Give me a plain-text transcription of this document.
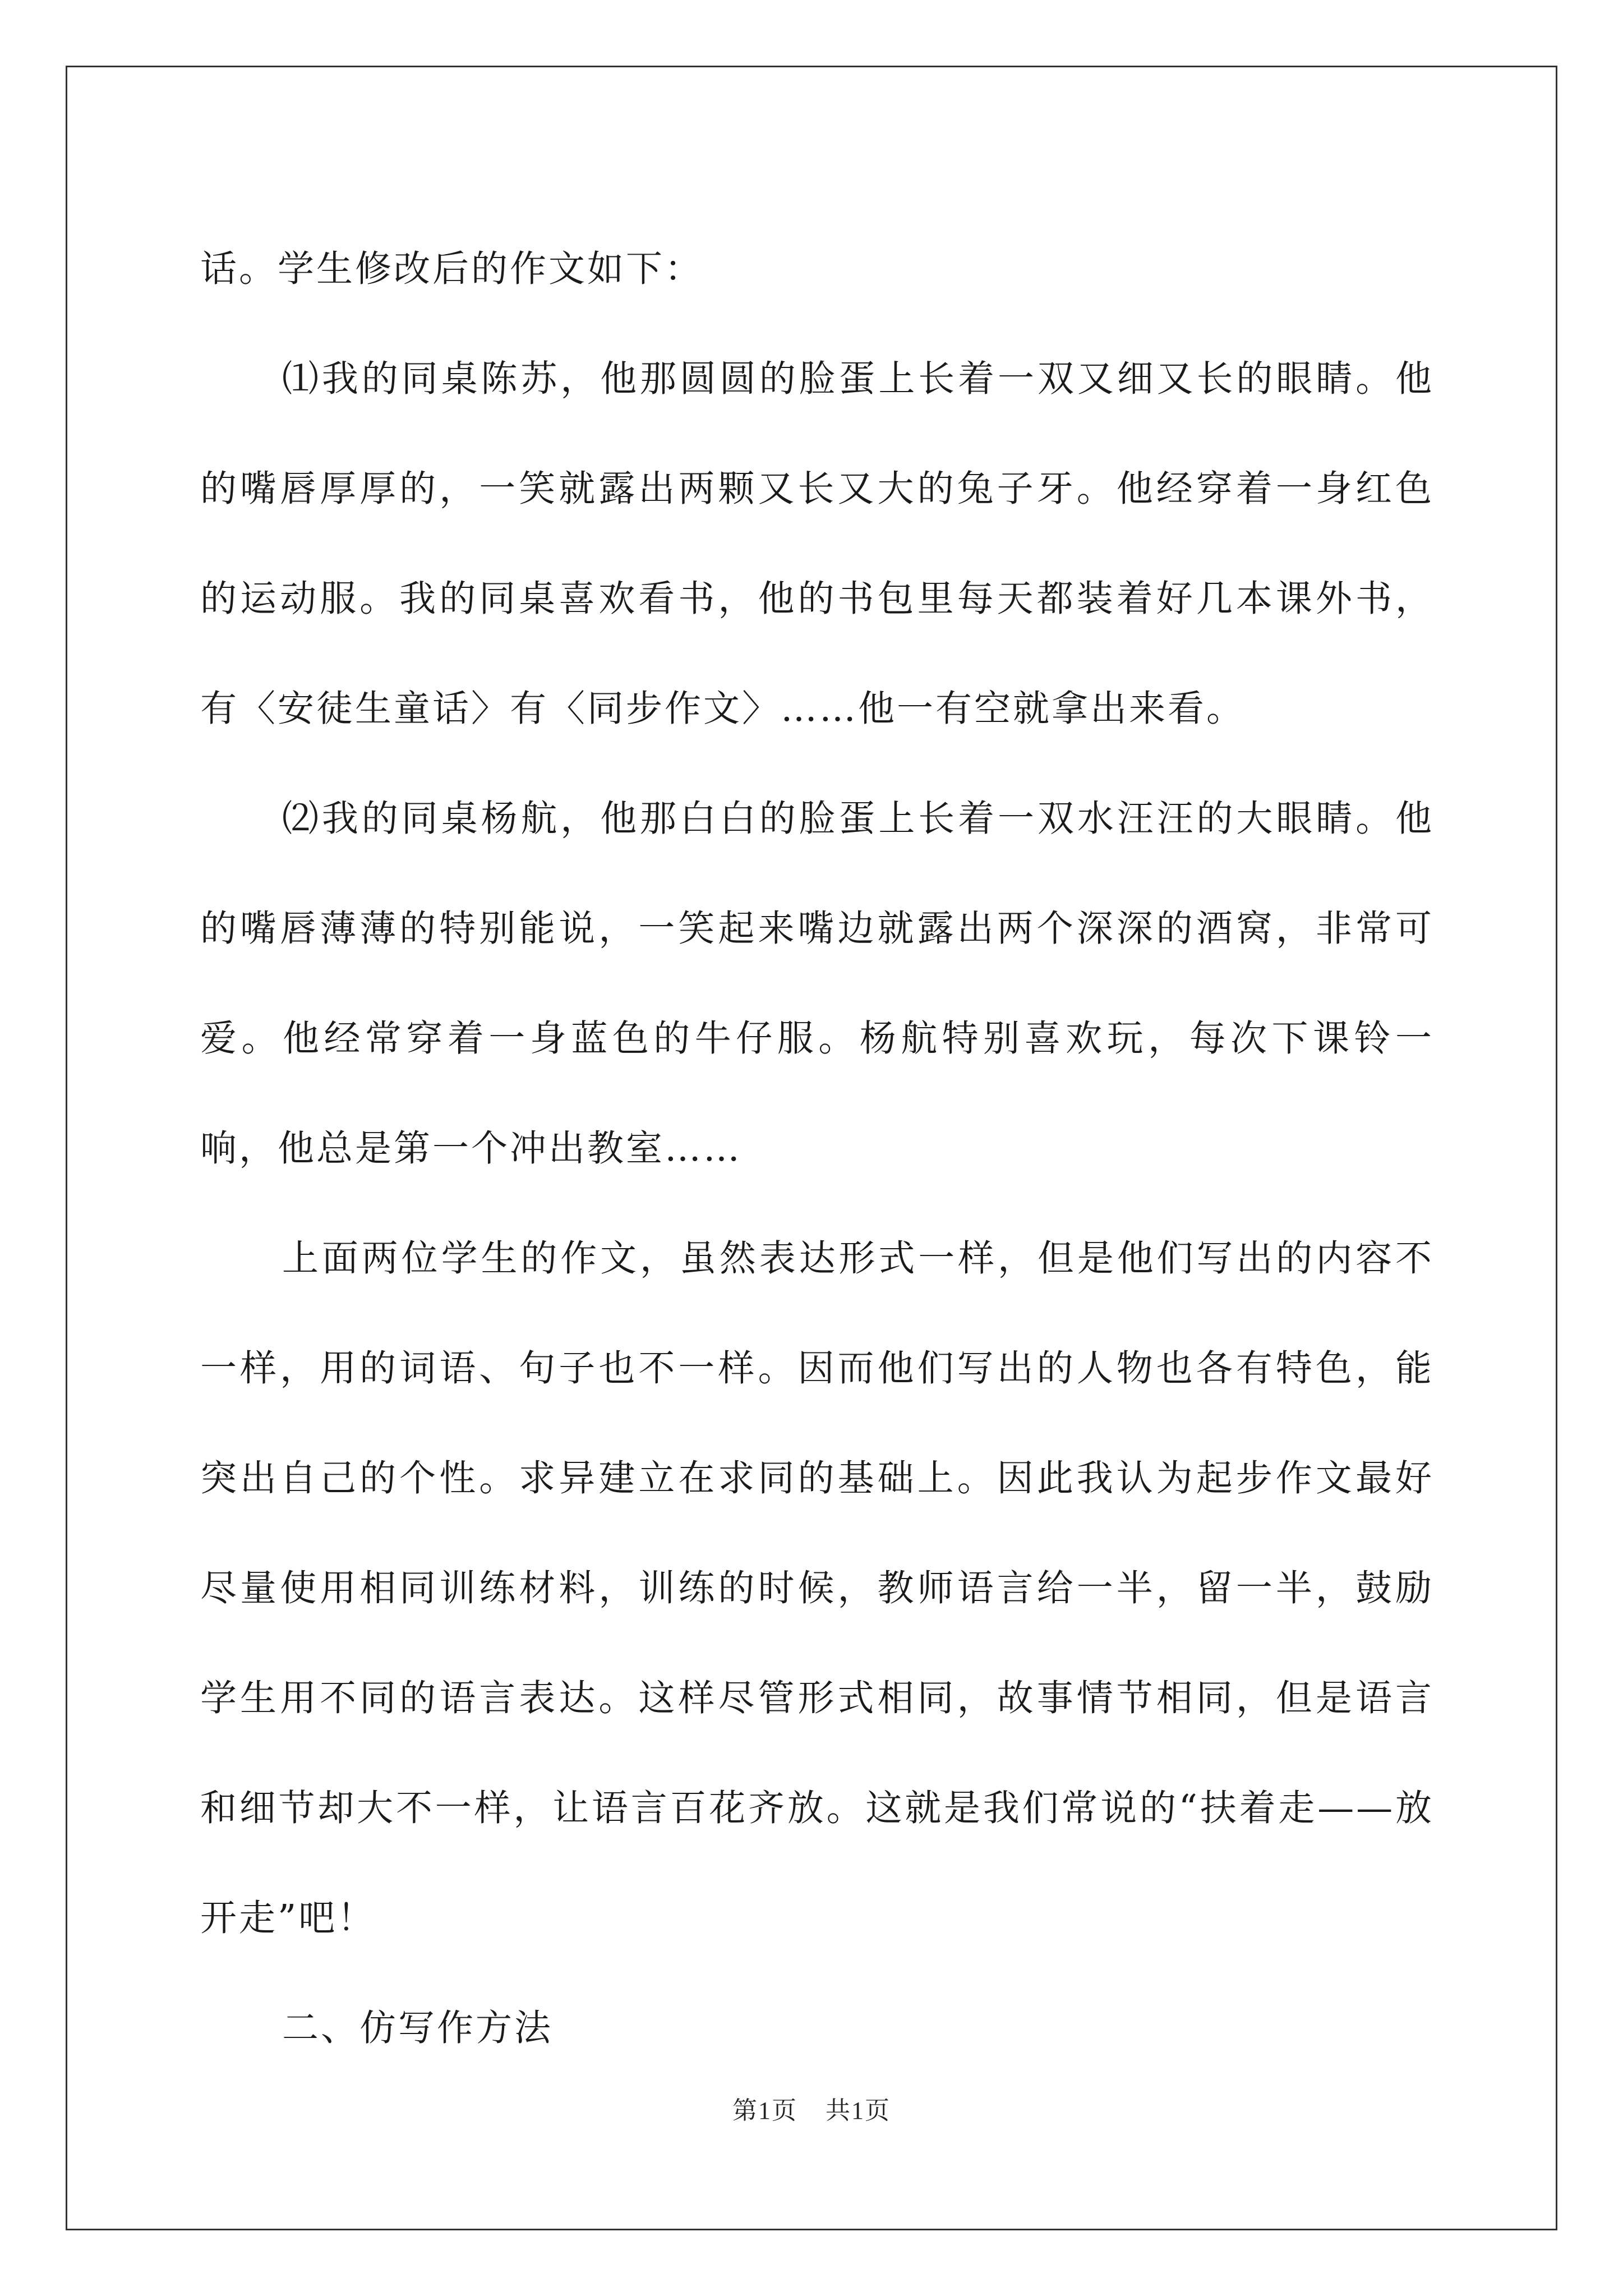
话。学生修改后的作文如下：

⑴我的同桌陈苏，他那圆圆的脸蛋上长着一双又细又长的眼睛。他的嘴唇厚厚的，一笑就露出两颗又长又大的兔子牙。他经穿着一身红色的运动服。我的同桌喜欢看书，他的书包里每天都装着好几本课外书，有〈安徒生童话〉有〈同步作文〉……他一有空就拿出来看。

⑵我的同桌杨航，他那白白的脸蛋上长着一双水汪汪的大眼睛。他的嘴唇薄薄的特别能说，一笑起来嘴边就露出两个深深的酒窝，非常可爱。他经常穿着一身蓝色的牛仔服。杨航特别喜欢玩，每次下课铃一响，他总是第一个冲出教室……

上面两位学生的作文，虽然表达形式一样，但是他们写出的内容不一样，用的词语、句子也不一样。因而他们写出的人物也各有特色，能突出自己的个性。求异建立在求同的基础上。因此我认为起步作文最好尽量使用相同训练材料，训练的时候，教师语言给一半，留一半，鼓励学生用不同的语言表达。这样尽管形式相同，故事情节相同，但是语言和细节却大不一样，让语言百花齐放。这就是我们常说的“扶着走——放开走”吧！

二、仿写作方法

第1页 共1页
